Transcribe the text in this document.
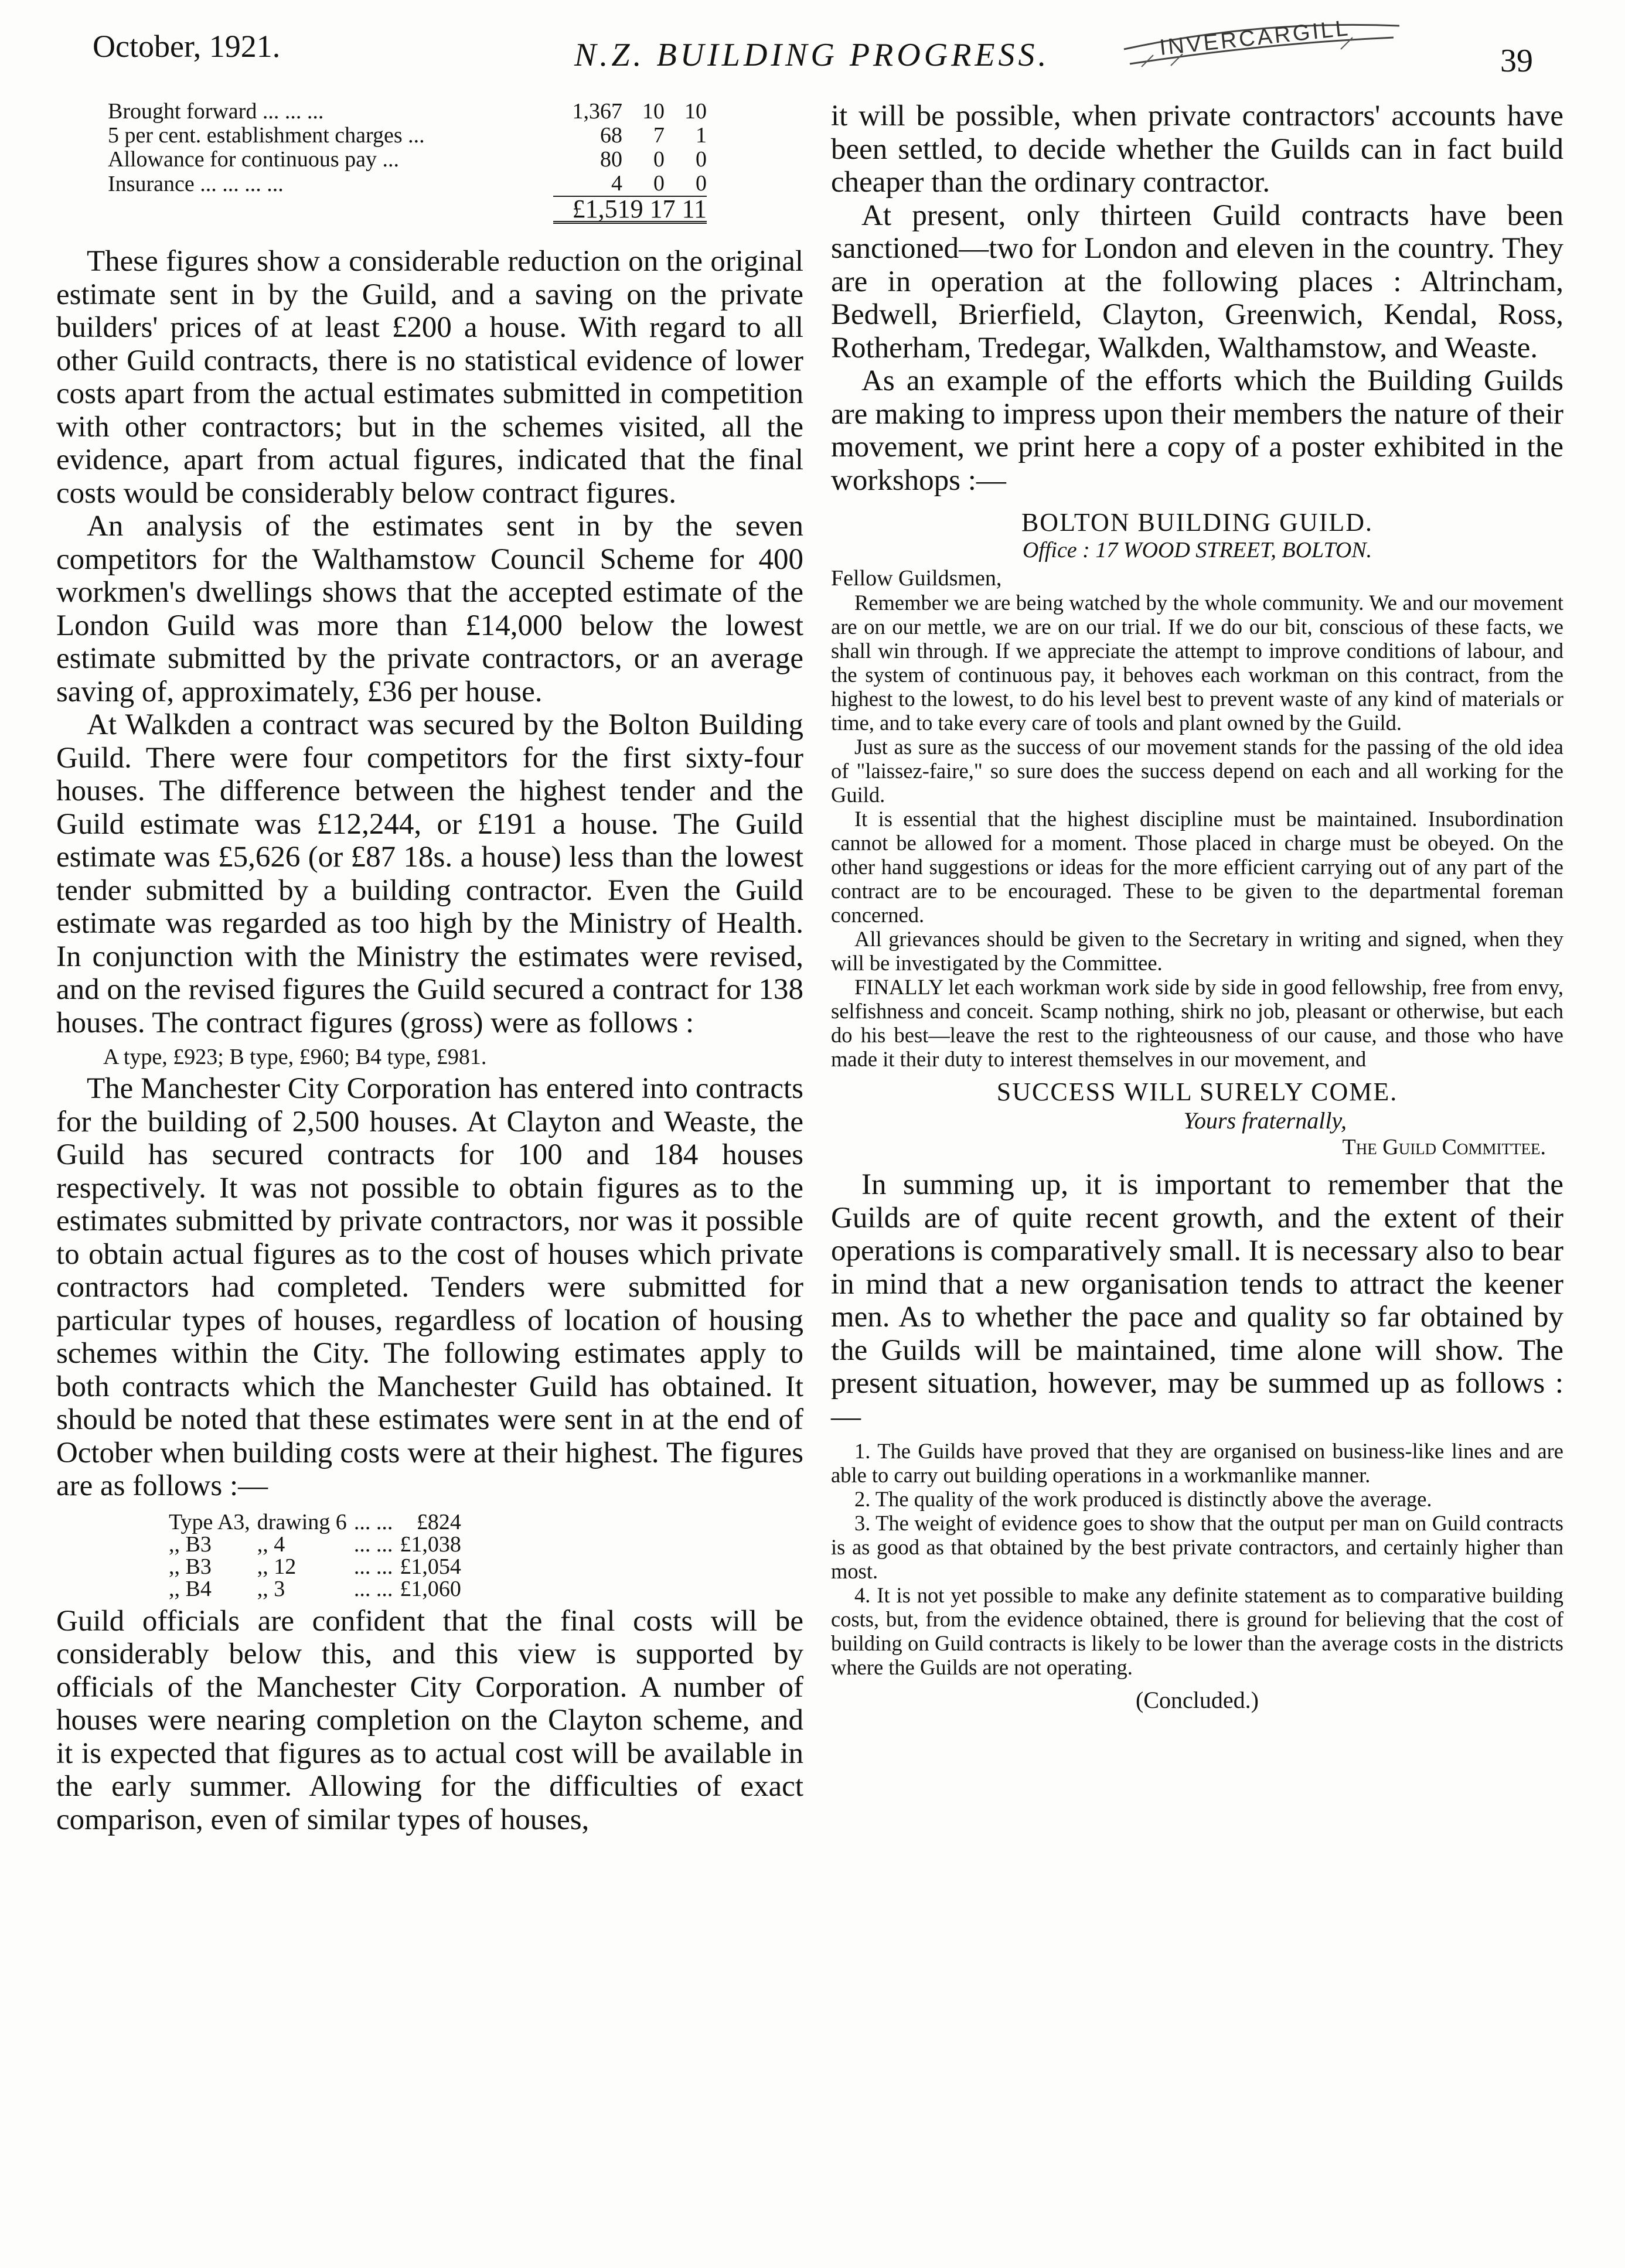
October, 1921.	N.Z. BUILDING PROGRESS.	INVERCARGILL
39
Brought forward ... ... ...	1,367	10	10
5 per cent. establishment charges ...	68	7	1
Allowance for continuous pay ...	80	0	0
Insurance ... ... ... ...	4	0	0
	£1,519 17 11		

These figures show a considerable reduction on the original estimate sent in by the Guild, and a saving on the private builders' prices of at least £200 a house. With regard to all other Guild contracts, there is no statistical evidence of lower costs apart from the actual estimates submitted in competition with other contractors; but in the schemes visited, all the evidence, apart from actual figures, indicated that the final costs would be considerably below contract figures.

An analysis of the estimates sent in by the seven competitors for the Walthamstow Council Scheme for 400 workmen's dwellings shows that the accepted estimate of the London Guild was more than £14,000 below the lowest estimate submitted by the private contractors, or an average saving of, approximately, £36 per house.

At Walkden a contract was secured by the Bolton Building Guild. There were four competitors for the first sixty-four houses. The difference between the highest tender and the Guild estimate was £12,244, or £191 a house. The Guild estimate was £5,626 (or £87 18s. a house) less than the lowest tender submitted by a building contractor. Even the Guild estimate was regarded as too high by the Ministry of Health. In conjunction with the Ministry the estimates were revised, and on the revised figures the Guild secured a contract for 138 houses. The contract figures (gross) were as follows :

A type, £923; B type, £960; B4 type, £981.

The Manchester City Corporation has entered into contracts for the building of 2,500 houses. At Clayton and Weaste, the Guild has secured contracts for 100 and 184 houses respectively. It was not possible to obtain figures as to the estimates submitted by private contractors, nor was it possible to obtain actual figures as to the cost of houses which private contractors had completed. Tenders were submitted for particular types of houses, regardless of location of housing schemes within the City. The following estimates apply to both contracts which the Manchester Guild has obtained. It should be noted that these estimates were sent in at the end of October when building costs were at their highest. The figures are as follows :—

Type A3,	drawing 6	... ...	£824
,, B3	,, 4	... ...	£1,038
,, B3	,, 12	... ...	£1,054
,, B4	,, 3	... ...	£1,060

Guild officials are confident that the final costs will be considerably below this, and this view is supported by officials of the Manchester City Corporation. A number of houses were nearing completion on the Clayton scheme, and it is expected that figures as to actual cost will be available in the early summer. Allowing for the difficulties of exact comparison, even of similar types of houses,

it will be possible, when private contractors' accounts have been settled, to decide whether the Guilds can in fact build cheaper than the ordinary contractor.

At present, only thirteen Guild contracts have been sanctioned—two for London and eleven in the country. They are in operation at the following places : Altrincham, Bedwell, Brierfield, Clayton, Greenwich, Kendal, Ross, Rotherham, Tredegar, Walkden, Walthamstow, and Weaste.

As an example of the efforts which the Building Guilds are making to impress upon their members the nature of their movement, we print here a copy of a poster exhibited in the workshops :—

BOLTON BUILDING GUILD.

Office : 17 WOOD STREET, BOLTON.

Fellow Guildsmen,

Remember we are being watched by the whole community. We and our movement are on our mettle, we are on our trial. If we do our bit, conscious of these facts, we shall win through. If we appreciate the attempt to improve conditions of labour, and the system of continuous pay, it behoves each workman on this contract, from the highest to the lowest, to do his level best to prevent waste of any kind of materials or time, and to take every care of tools and plant owned by the Guild.

Just as sure as the success of our movement stands for the passing of the old idea of "laissez-faire," so sure does the success depend on each and all working for the Guild.

It is essential that the highest discipline must be maintained. Insubordination cannot be allowed for a moment. Those placed in charge must be obeyed. On the other hand suggestions or ideas for the more efficient carrying out of any part of the contract are to be encouraged. These to be given to the departmental foreman concerned.

All grievances should be given to the Secretary in writing and signed, when they will be investigated by the Committee.

FINALLY let each workman work side by side in good fellowship, free from envy, selfishness and conceit. Scamp nothing, shirk no job, pleasant or otherwise, but each do his best—leave the rest to the righteousness of our cause, and those who have made it their duty to interest themselves in our movement, and

SUCCESS WILL SURELY COME.

Yours fraternally,

The Guild Committee.

In summing up, it is important to remember that the Guilds are of quite recent growth, and the extent of their operations is comparatively small. It is necessary also to bear in mind that a new organisation tends to attract the keener men. As to whether the pace and quality so far obtained by the Guilds will be maintained, time alone will show. The present situation, however, may be summed up as follows :—

1. The Guilds have proved that they are organised on business-like lines and are able to carry out building operations in a workmanlike manner.

2. The quality of the work produced is distinctly above the average.

3. The weight of evidence goes to show that the output per man on Guild contracts is as good as that obtained by the best private contractors, and certainly higher than most.

4. It is not yet possible to make any definite statement as to comparative building costs, but, from the evidence obtained, there is ground for believing that the cost of building on Guild contracts is likely to be lower than the average costs in the districts where the Guilds are not operating.

(Concluded.)
